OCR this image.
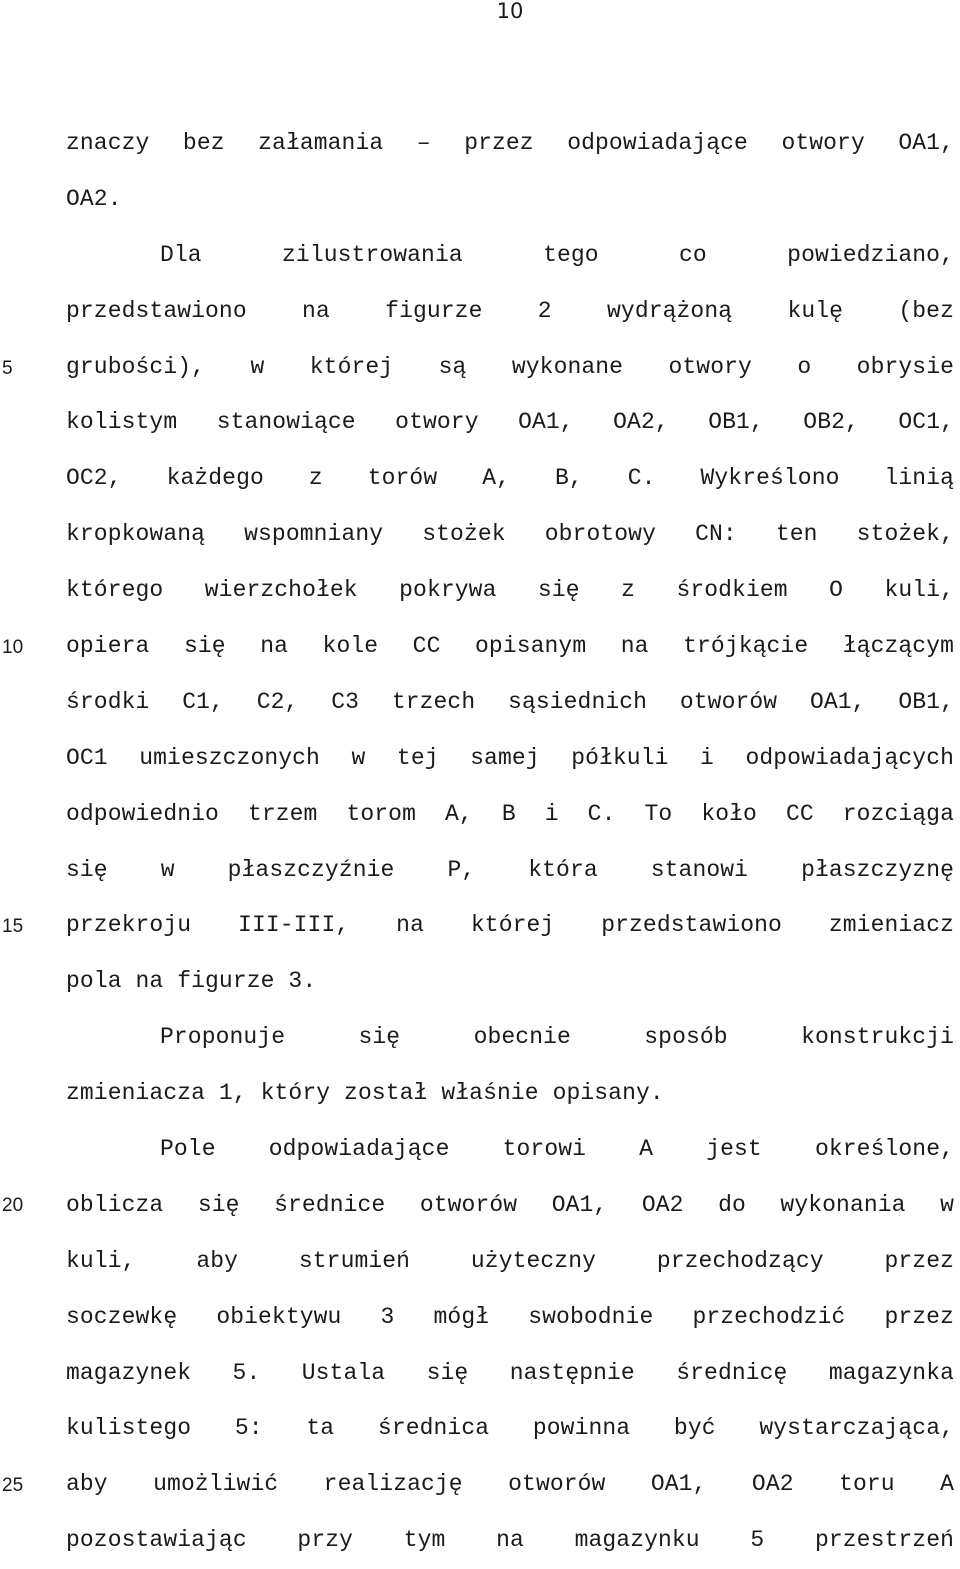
10
5
10
15
20
25
znaczy bez załamania – przez odpowiadające otwory OA1,
OA2.
Dla zilustrowania tego co powiedziano,
przedstawiono na figurze 2 wydrążoną kulę (bez
grubości), w której są wykonane otwory o obrysie
kolistym stanowiące otwory OA1, OA2, OB1, OB2, OC1,
OC2, każdego z torów A, B, C. Wykreślono linią
kropkowaną wspomniany stożek obrotowy CN: ten stożek,
którego wierzchołek pokrywa się z środkiem O kuli,
opiera się na kole CC opisanym na trójkącie łączącym
środki C1, C2, C3 trzech sąsiednich otworów OA1, OB1,
OC1 umieszczonych w tej samej półkuli i odpowiadających
odpowiednio trzem torom A, B i C. To koło CC rozciąga
się w płaszczyźnie P, która stanowi płaszczyznę
przekroju III-III, na której przedstawiono zmieniacz
pola na figurze 3.
Proponuje się obecnie sposób konstrukcji
zmieniacza 1, który został właśnie opisany.
Pole odpowiadające torowi A jest określone,
oblicza się średnice otworów OA1, OA2 do wykonania w
kuli, aby strumień użyteczny przechodzący przez
soczewkę obiektywu 3 mógł swobodnie przechodzić przez
magazynek 5. Ustala się następnie średnicę magazynka
kulistego 5: ta średnica powinna być wystarczająca,
aby umożliwić realizację otworów OA1, OA2 toru A
pozostawiając przy tym na magazynku 5 przestrzeń
